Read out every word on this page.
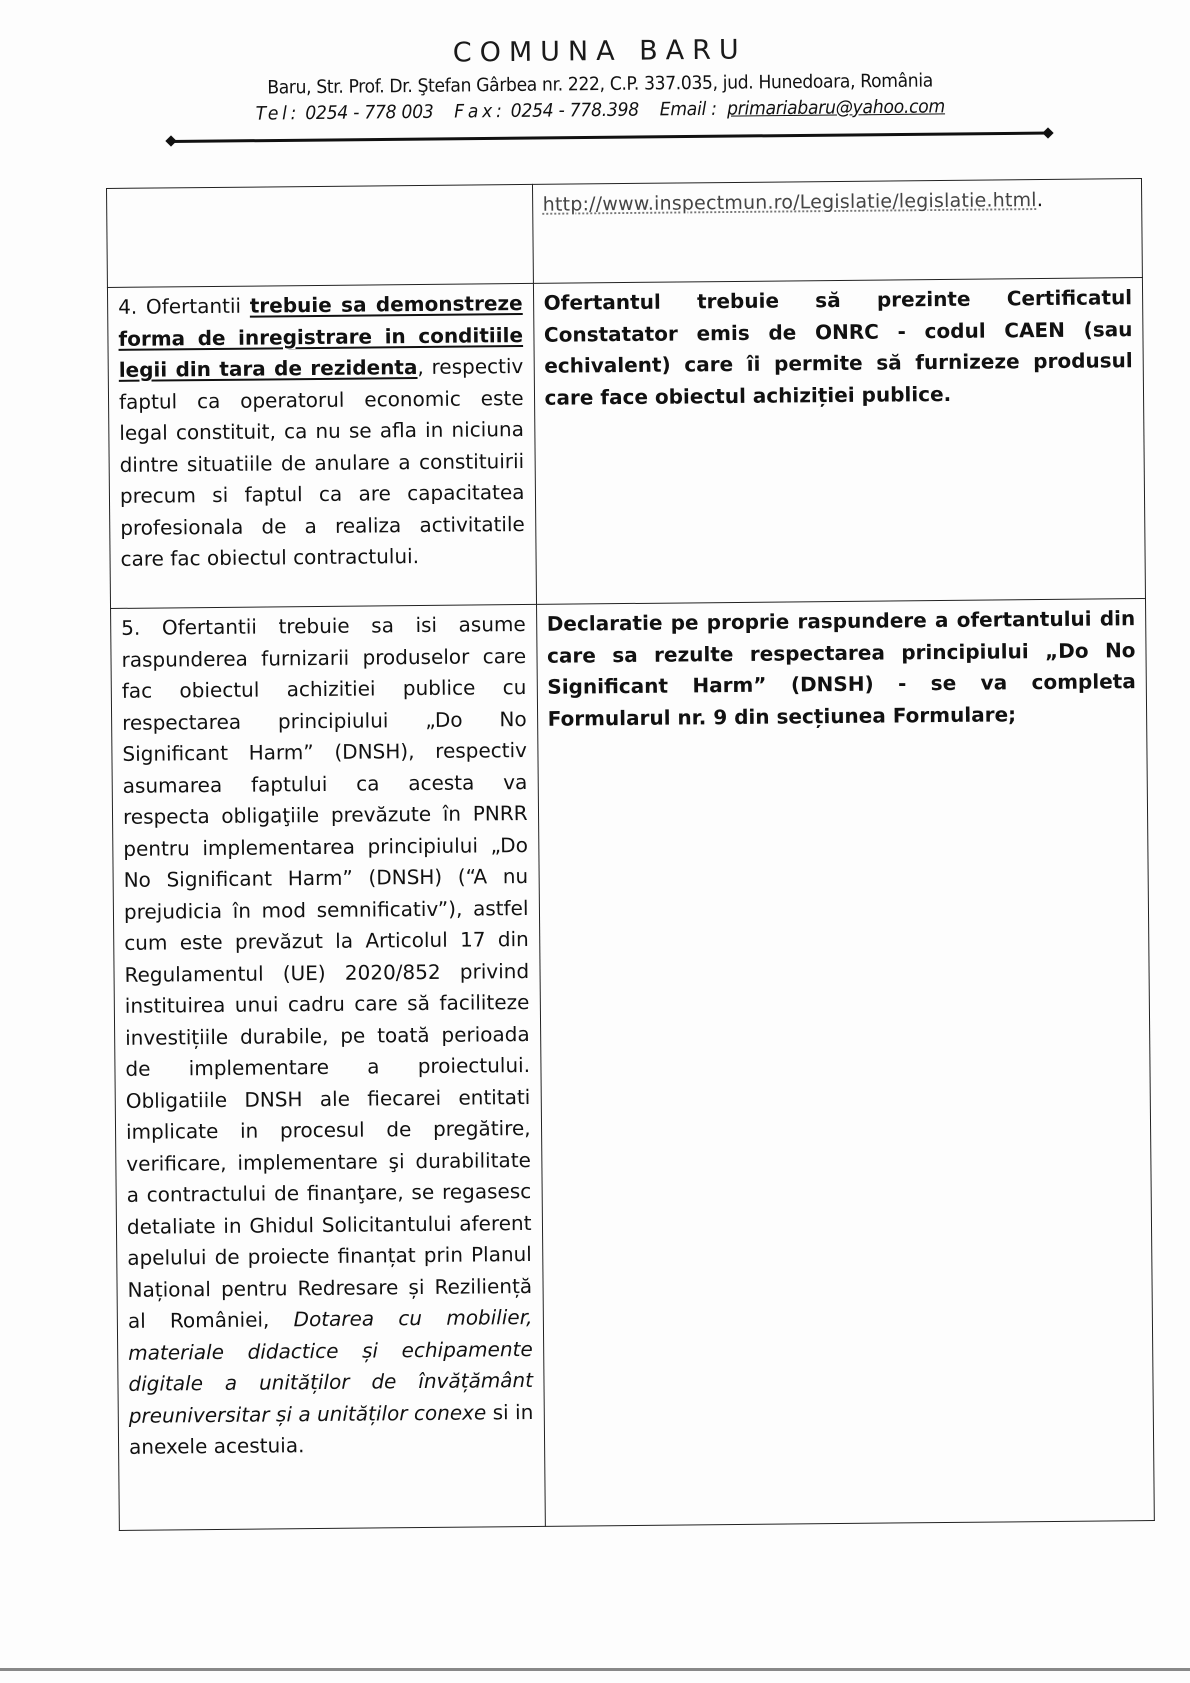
COMUNA BARU

Baru, Str. Prof. Dr. Ştefan Gârbea nr. 222, C.P. 337.035, jud. Hunedoara, România

Tel: 0254 - 778 003 Fax: 0254 - 778.398 Email : primariabaru@yahoo.com

	http://www.inspectmun.ro/Legislatie/legislatie.html.
4. Ofertantii trebuie sa demonstreze forma de inregistrare in conditiile legii din tara de rezidenta, respectiv faptul ca operatorul economic este legal constituit, ca nu se afla in niciuna dintre situatiile de anulare a constituirii precum si faptul ca are capacitatea profesionala de a realiza activitatile care fac obiectul contractului.	Ofertantul trebuie să prezinte Certificatul Constatator emis de ONRC - codul CAEN (sau echivalent) care îi permite să furnizeze produsul care face obiectul achiziției publice.
5. Ofertantii trebuie sa isi asume raspunderea furnizarii produselor care fac obiectul achizitiei publice cu respectarea principiului „Do No Significant Harm” (DNSH), respectiv asumarea faptului ca acesta va respecta obligaţiile prevăzute în PNRR pentru implementarea principiului „Do No Significant Harm” (DNSH) (“A nu prejudicia în mod semnificativ”), astfel cum este prevăzut la Articolul 17 din Regulamentul (UE) 2020/852 privind instituirea unui cadru care să faciliteze investițiile durabile, pe toată perioada de implementare a proiectului. Obligatiile DNSH ale fiecarei entitati implicate in procesul de pregătire, verificare, implementare şi durabilitate a contractului de finanţare, se regasesc detaliate in Ghidul Solicitantului aferent apelului de proiecte finanțat prin Planul Național pentru Redresare și Reziliență al României, Dotarea cu mobilier, materiale didactice și echipamente digitale a unităților de învățământ preuniversitar și a unităților conexe si in anexele acestuia.	Declaratie pe proprie raspundere a ofertantului din care sa rezulte respectarea principiului „Do No Significant Harm” (DNSH) - se va completa Formularul nr. 9 din secțiunea Formulare;
